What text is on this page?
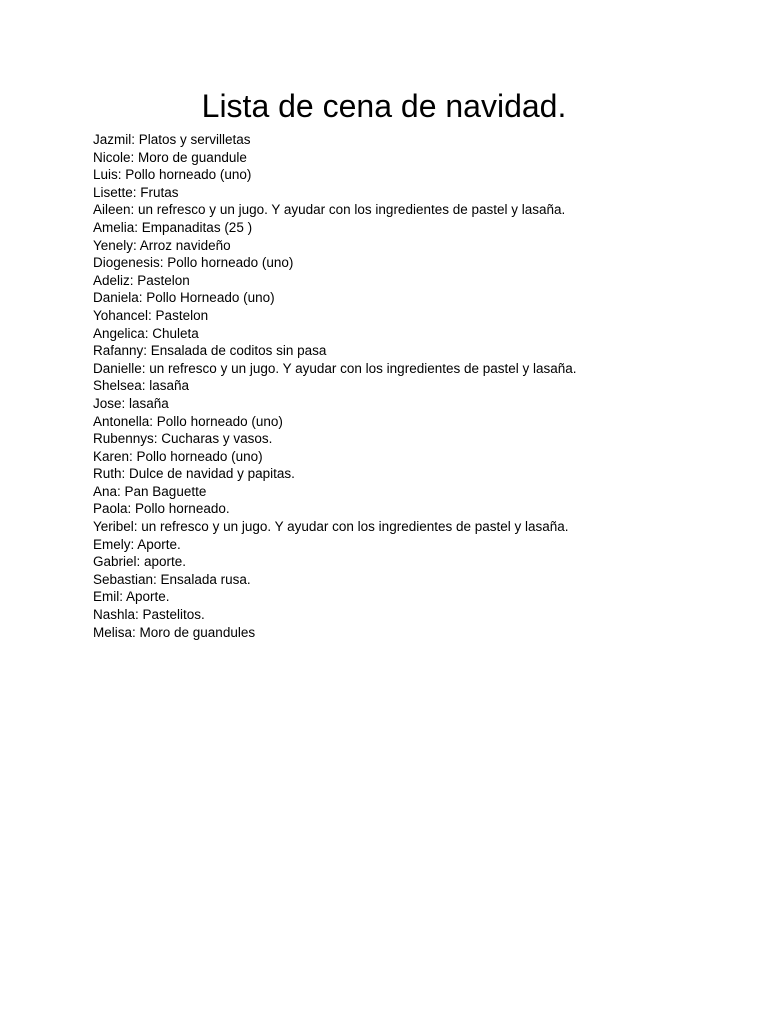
Lista de cena de navidad.
Jazmil: Platos y servilletas
Nicole: Moro de guandule
Luis: Pollo horneado (uno)
Lisette: Frutas
Aileen: un refresco y un jugo. Y ayudar con los ingredientes de pastel y lasaña.
Amelia: Empanaditas (25 )
Yenely: Arroz navideño
Diogenesis: Pollo horneado (uno)
Adeliz: Pastelon
Daniela: Pollo Horneado (uno)
Yohancel: Pastelon
Angelica: Chuleta
Rafanny: Ensalada de coditos sin pasa
Danielle: un refresco y un jugo. Y ayudar con los ingredientes de pastel y lasaña.
Shelsea: lasaña
Jose: lasaña
Antonella: Pollo horneado (uno)
Rubennys: Cucharas y vasos.
Karen: Pollo horneado (uno)
Ruth: Dulce de navidad y papitas.
Ana: Pan Baguette
Paola: Pollo horneado.
Yeribel: un refresco y un jugo. Y ayudar con los ingredientes de pastel y lasaña.
Emely: Aporte.
Gabriel: aporte.
Sebastian: Ensalada rusa.
Emil: Aporte.
Nashla: Pastelitos.
Melisa: Moro de guandules
